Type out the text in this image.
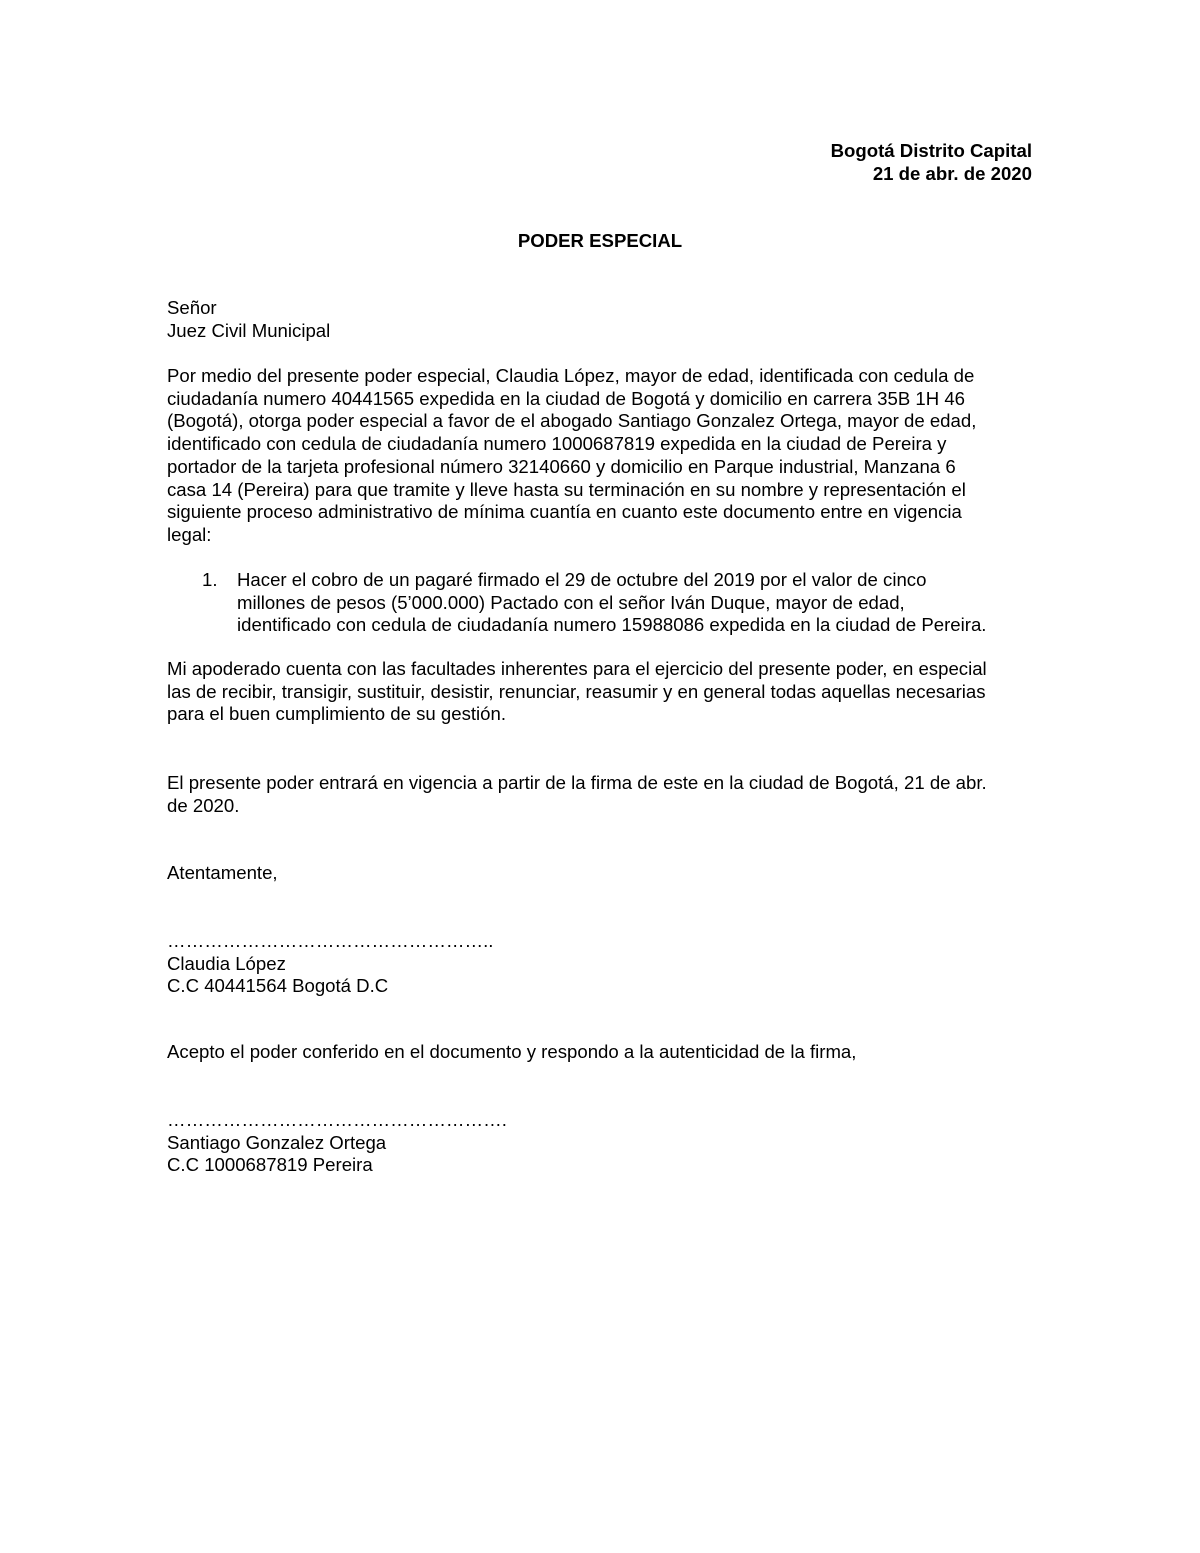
Bogotá Distrito Capital
21 de abr. de 2020
PODER ESPECIAL
Señor
Juez Civil Municipal
Por medio del presente poder especial, Claudia López, mayor de edad, identificada con cedula de
ciudadanía numero 40441565 expedida en la ciudad de Bogotá y domicilio en carrera 35B 1H 46
(Bogotá), otorga poder especial a favor de el abogado Santiago Gonzalez Ortega, mayor de edad,
identificado con cedula de ciudadanía numero 1000687819 expedida en la ciudad de Pereira y
portador de la tarjeta profesional número 32140660 y domicilio en Parque industrial, Manzana 6
casa 14 (Pereira) para que tramite y lleve hasta su terminación en su nombre y representación el
siguiente proceso administrativo de mínima cuantía en cuanto este documento entre en vigencia
legal:
1. Hacer el cobro de un pagaré firmado el 29 de octubre del 2019 por el valor de cinco
millones de pesos (5’000.000) Pactado con el señor Iván Duque, mayor de edad,
identificado con cedula de ciudadanía numero 15988086 expedida en la ciudad de Pereira.
Mi apoderado cuenta con las facultades inherentes para el ejercicio del presente poder, en especial
las de recibir, transigir, sustituir, desistir, renunciar, reasumir y en general todas aquellas necesarias
para el buen cumplimiento de su gestión.
El presente poder entrará en vigencia a partir de la firma de este en la ciudad de Bogotá, 21 de abr.
de 2020.
Atentamente,
……………………………………………..
Claudia López
C.C 40441564 Bogotá D.C
Acepto el poder conferido en el documento y respondo a la autenticidad de la firma,
……………………………………………….
Santiago Gonzalez Ortega
C.C 1000687819 Pereira
